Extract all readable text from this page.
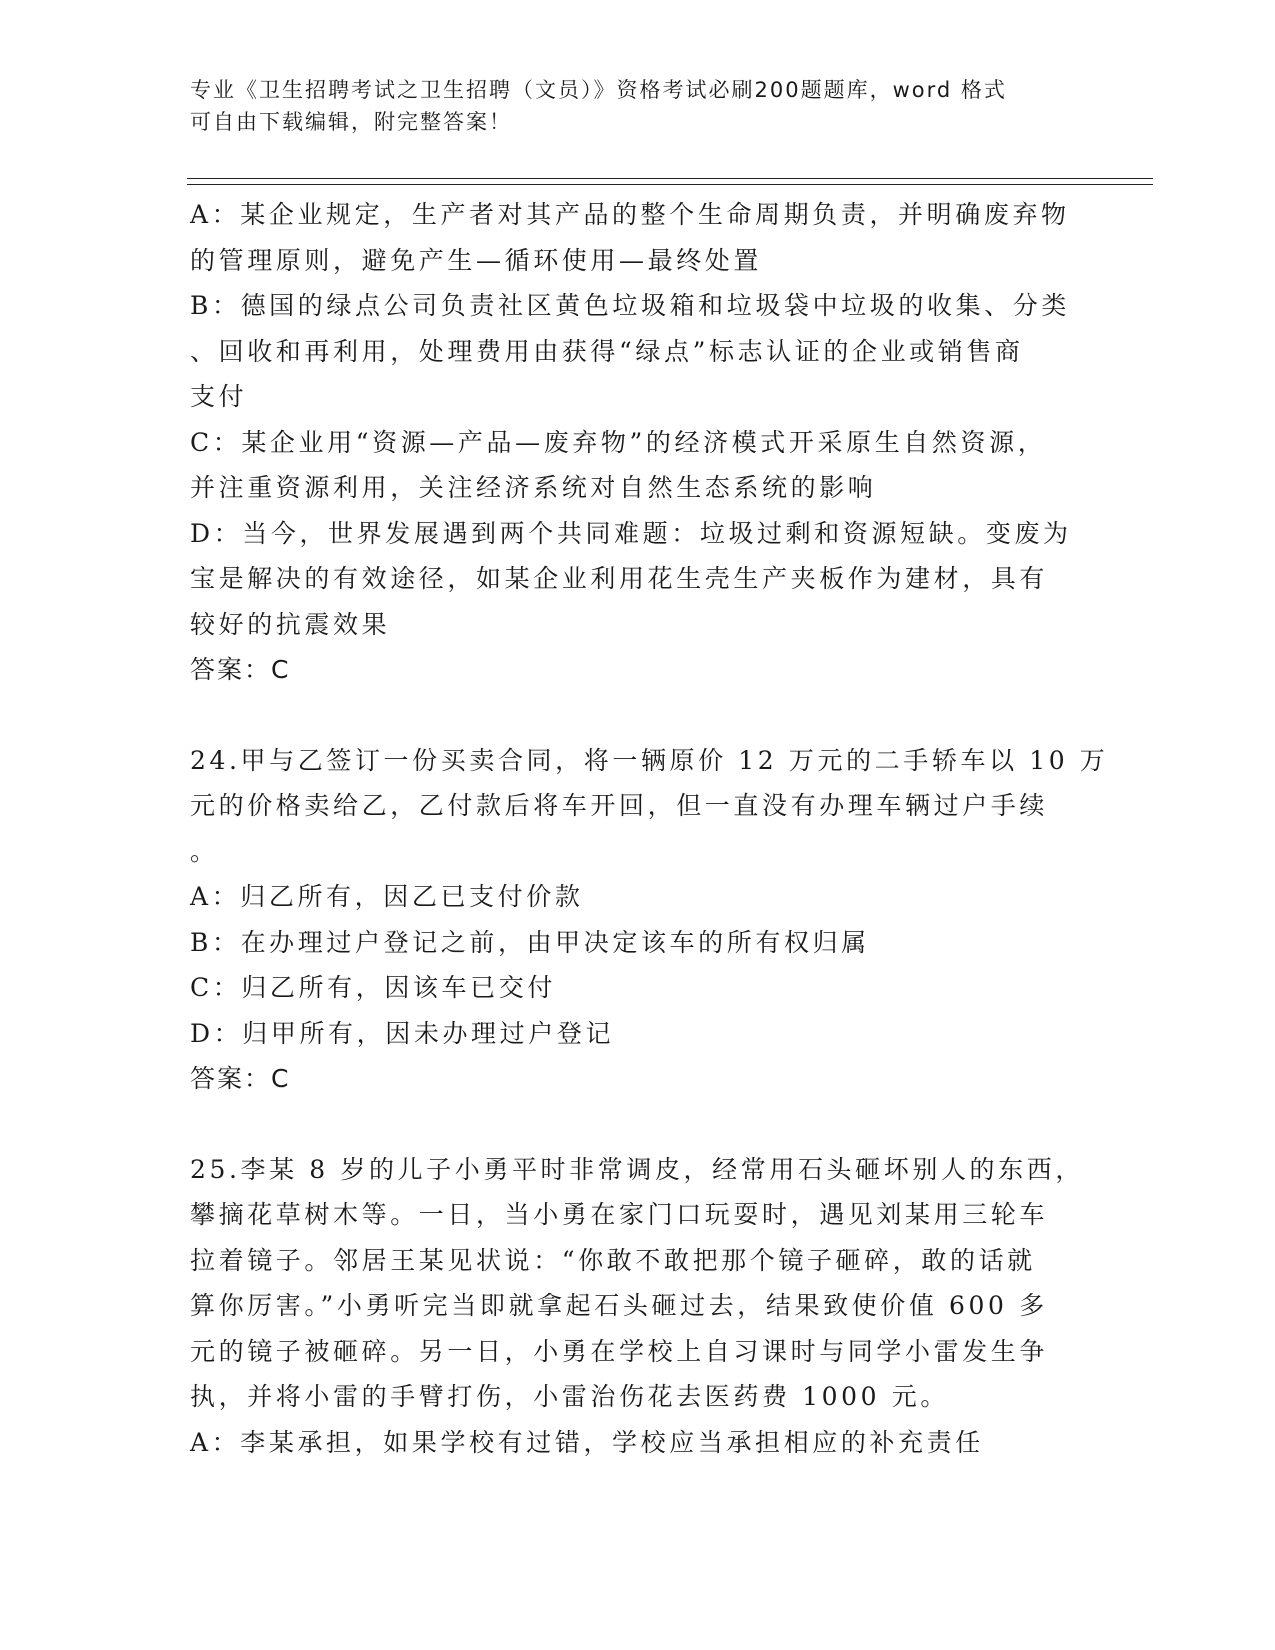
专业《卫生招聘考试之卫生招聘（文员）》资格考试必刷200题题库，word 格式
可自由下载编辑，附完整答案！
A：某企业规定，生产者对其产品的整个生命周期负责，并明确废弃物
的管理原则，避免产生—循环使用—最终处置
B：德国的绿点公司负责社区黄色垃圾箱和垃圾袋中垃圾的收集、分类
、回收和再利用，处理费用由获得“绿点”标志认证的企业或销售商
支付
C：某企业用“资源—产品—废弃物”的经济模式开采原生自然资源，
并注重资源利用，关注经济系统对自然生态系统的影响
D：当今，世界发展遇到两个共同难题：垃圾过剩和资源短缺。变废为
宝是解决的有效途径，如某企业利用花生壳生产夹板作为建材，具有
较好的抗震效果
答案：C
24.甲与乙签订一份买卖合同，将一辆原价 12 万元的二手轿车以 10 万
元的价格卖给乙，乙付款后将车开回，但一直没有办理车辆过户手续
。
A：归乙所有，因乙已支付价款
B：在办理过户登记之前，由甲决定该车的所有权归属
C：归乙所有，因该车已交付
D：归甲所有，因未办理过户登记
答案：C
25.李某 8 岁的儿子小勇平时非常调皮，经常用石头砸坏别人的东西，
攀摘花草树木等。一日，当小勇在家门口玩耍时，遇见刘某用三轮车
拉着镜子。邻居王某见状说：“你敢不敢把那个镜子砸碎，敢的话就
算你厉害。”小勇听完当即就拿起石头砸过去，结果致使价值 600 多
元的镜子被砸碎。另一日，小勇在学校上自习课时与同学小雷发生争
执，并将小雷的手臂打伤，小雷治伤花去医药费 1000 元。
A：李某承担，如果学校有过错，学校应当承担相应的补充责任
